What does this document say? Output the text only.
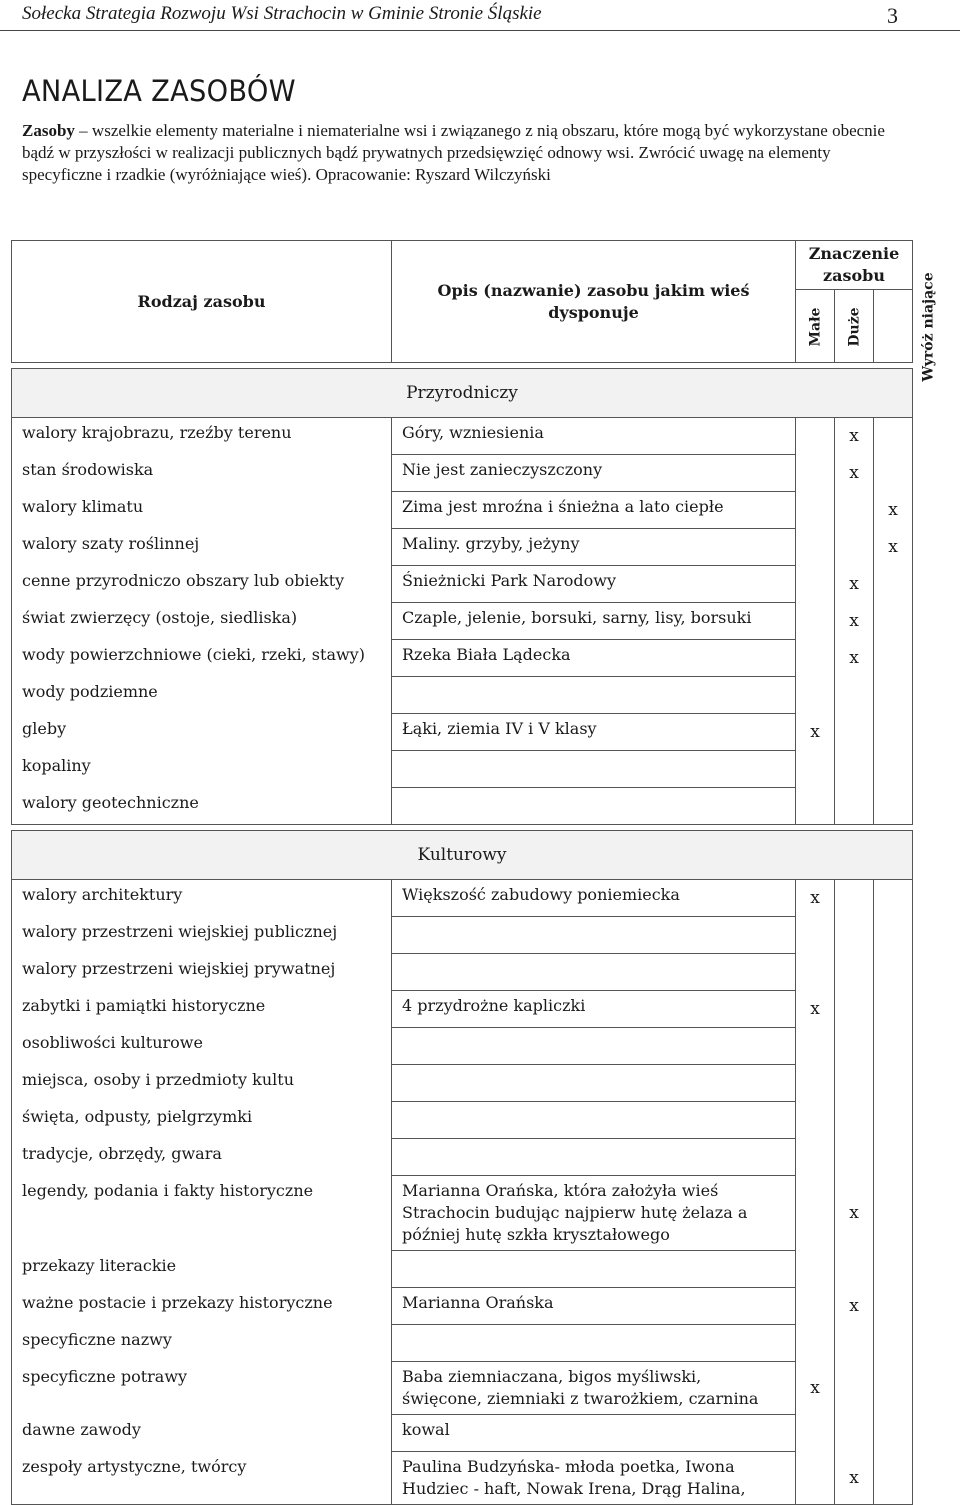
Sołecka Strategia Rozwoju Wsi Strachocin w Gminie Stronie Śląskie	3
ANALIZA ZASOBÓW
Zasoby – wszelkie elementy materialne i niematerialne wsi i związanego z nią obszaru, które mogą być wykorzystane obecnie bądź w przyszłości w realizacji publicznych bądź prywatnych przedsięwzięć odnowy wsi. Zwrócić uwagę na elementy specyficzne i rzadkie (wyróżniające wieś). Opracowanie: Ryszard Wilczyński
Rodzaj zasobu	Opis (nazwanie) zasobu jakim wieś dysponuje	Znaczenie zasobu		
		Małe	Duże	Wyróż niające

Przyrodniczy				
walory krajobrazu, rzeźby terenu	Góry, wzniesienia		x	
stan środowiska	Nie jest zanieczyszczony		x	
walory klimatu	Zima jest mroźna i śnieżna a lato ciepłe			x
walory szaty roślinnej	Maliny. grzyby, jeżyny			x
cenne przyrodniczo obszary lub obiekty	Śnieżnicki Park Narodowy		x	
świat zwierzęcy (ostoje, siedliska)	Czaple, jelenie, borsuki, sarny, lisy, borsuki		x	
wody powierzchniowe (cieki, rzeki, stawy)	Rzeka Biała Lądecka		x	
wody podziemne				
gleby	Łąki, ziemia IV i V klasy	x		
kopaliny				
walory geotechniczne				

Kulturowy				
walory architektury	Większość zabudowy poniemiecka	x		
walory przestrzeni wiejskiej publicznej				
walory przestrzeni wiejskiej prywatnej				
zabytki i pamiątki historyczne	4 przydrożne kapliczki	x		
osobliwości kulturowe				
miejsca, osoby i przedmioty kultu				
święta, odpusty, pielgrzymki				
tradycje, obrzędy, gwara				
legendy, podania i fakty historyczne	Marianna Orańska, która założyła wieś Strachocin budując najpierw hutę żelaza a później hutę szkła kryształowego		x	
przekazy literackie				
ważne postacie i przekazy historyczne	Marianna Orańska		x	
specyficzne nazwy				
specyficzne potrawy	Baba ziemniaczana, bigos myśliwski, święcone, ziemniaki z twarożkiem, czarnina	x		
dawne zawody	kowal			
zespoły artystyczne, twórcy	Paulina Budzyńska- młoda poetka, Iwona Hudziec - haft, Nowak Irena, Drąg Halina,		x	
